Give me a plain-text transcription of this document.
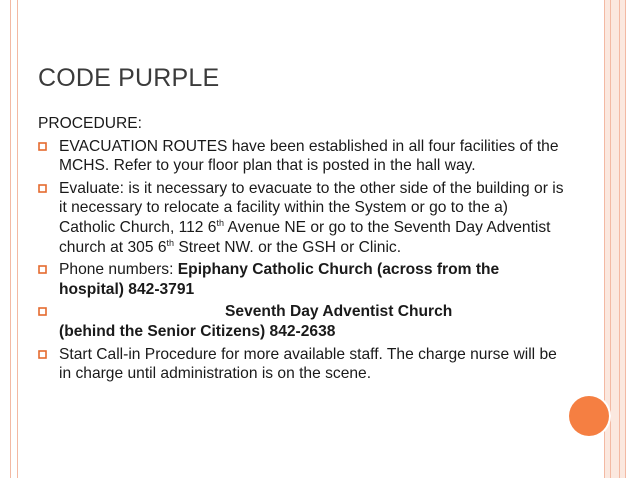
CODE PURPLE
PROCEDURE:
EVACUATION ROUTES have been established in all four facilities of the MCHS. Refer to your floor plan that is posted in the hall way.
Evaluate: is it necessary to evacuate to the other side of the building or is it necessary to relocate a facility within the System or go to the a) Catholic Church, 112 6th Avenue NE or go to the Seventh Day Adventist church at 305 6th Street NW. or the GSH or Clinic.
Phone numbers: Epiphany Catholic Church (across from the hospital) 842-3791
Seventh Day Adventist Church
(behind the Senior Citizens) 842-2638
Start Call-in Procedure for more available staff. The charge nurse will be in charge until administration is on the scene.
